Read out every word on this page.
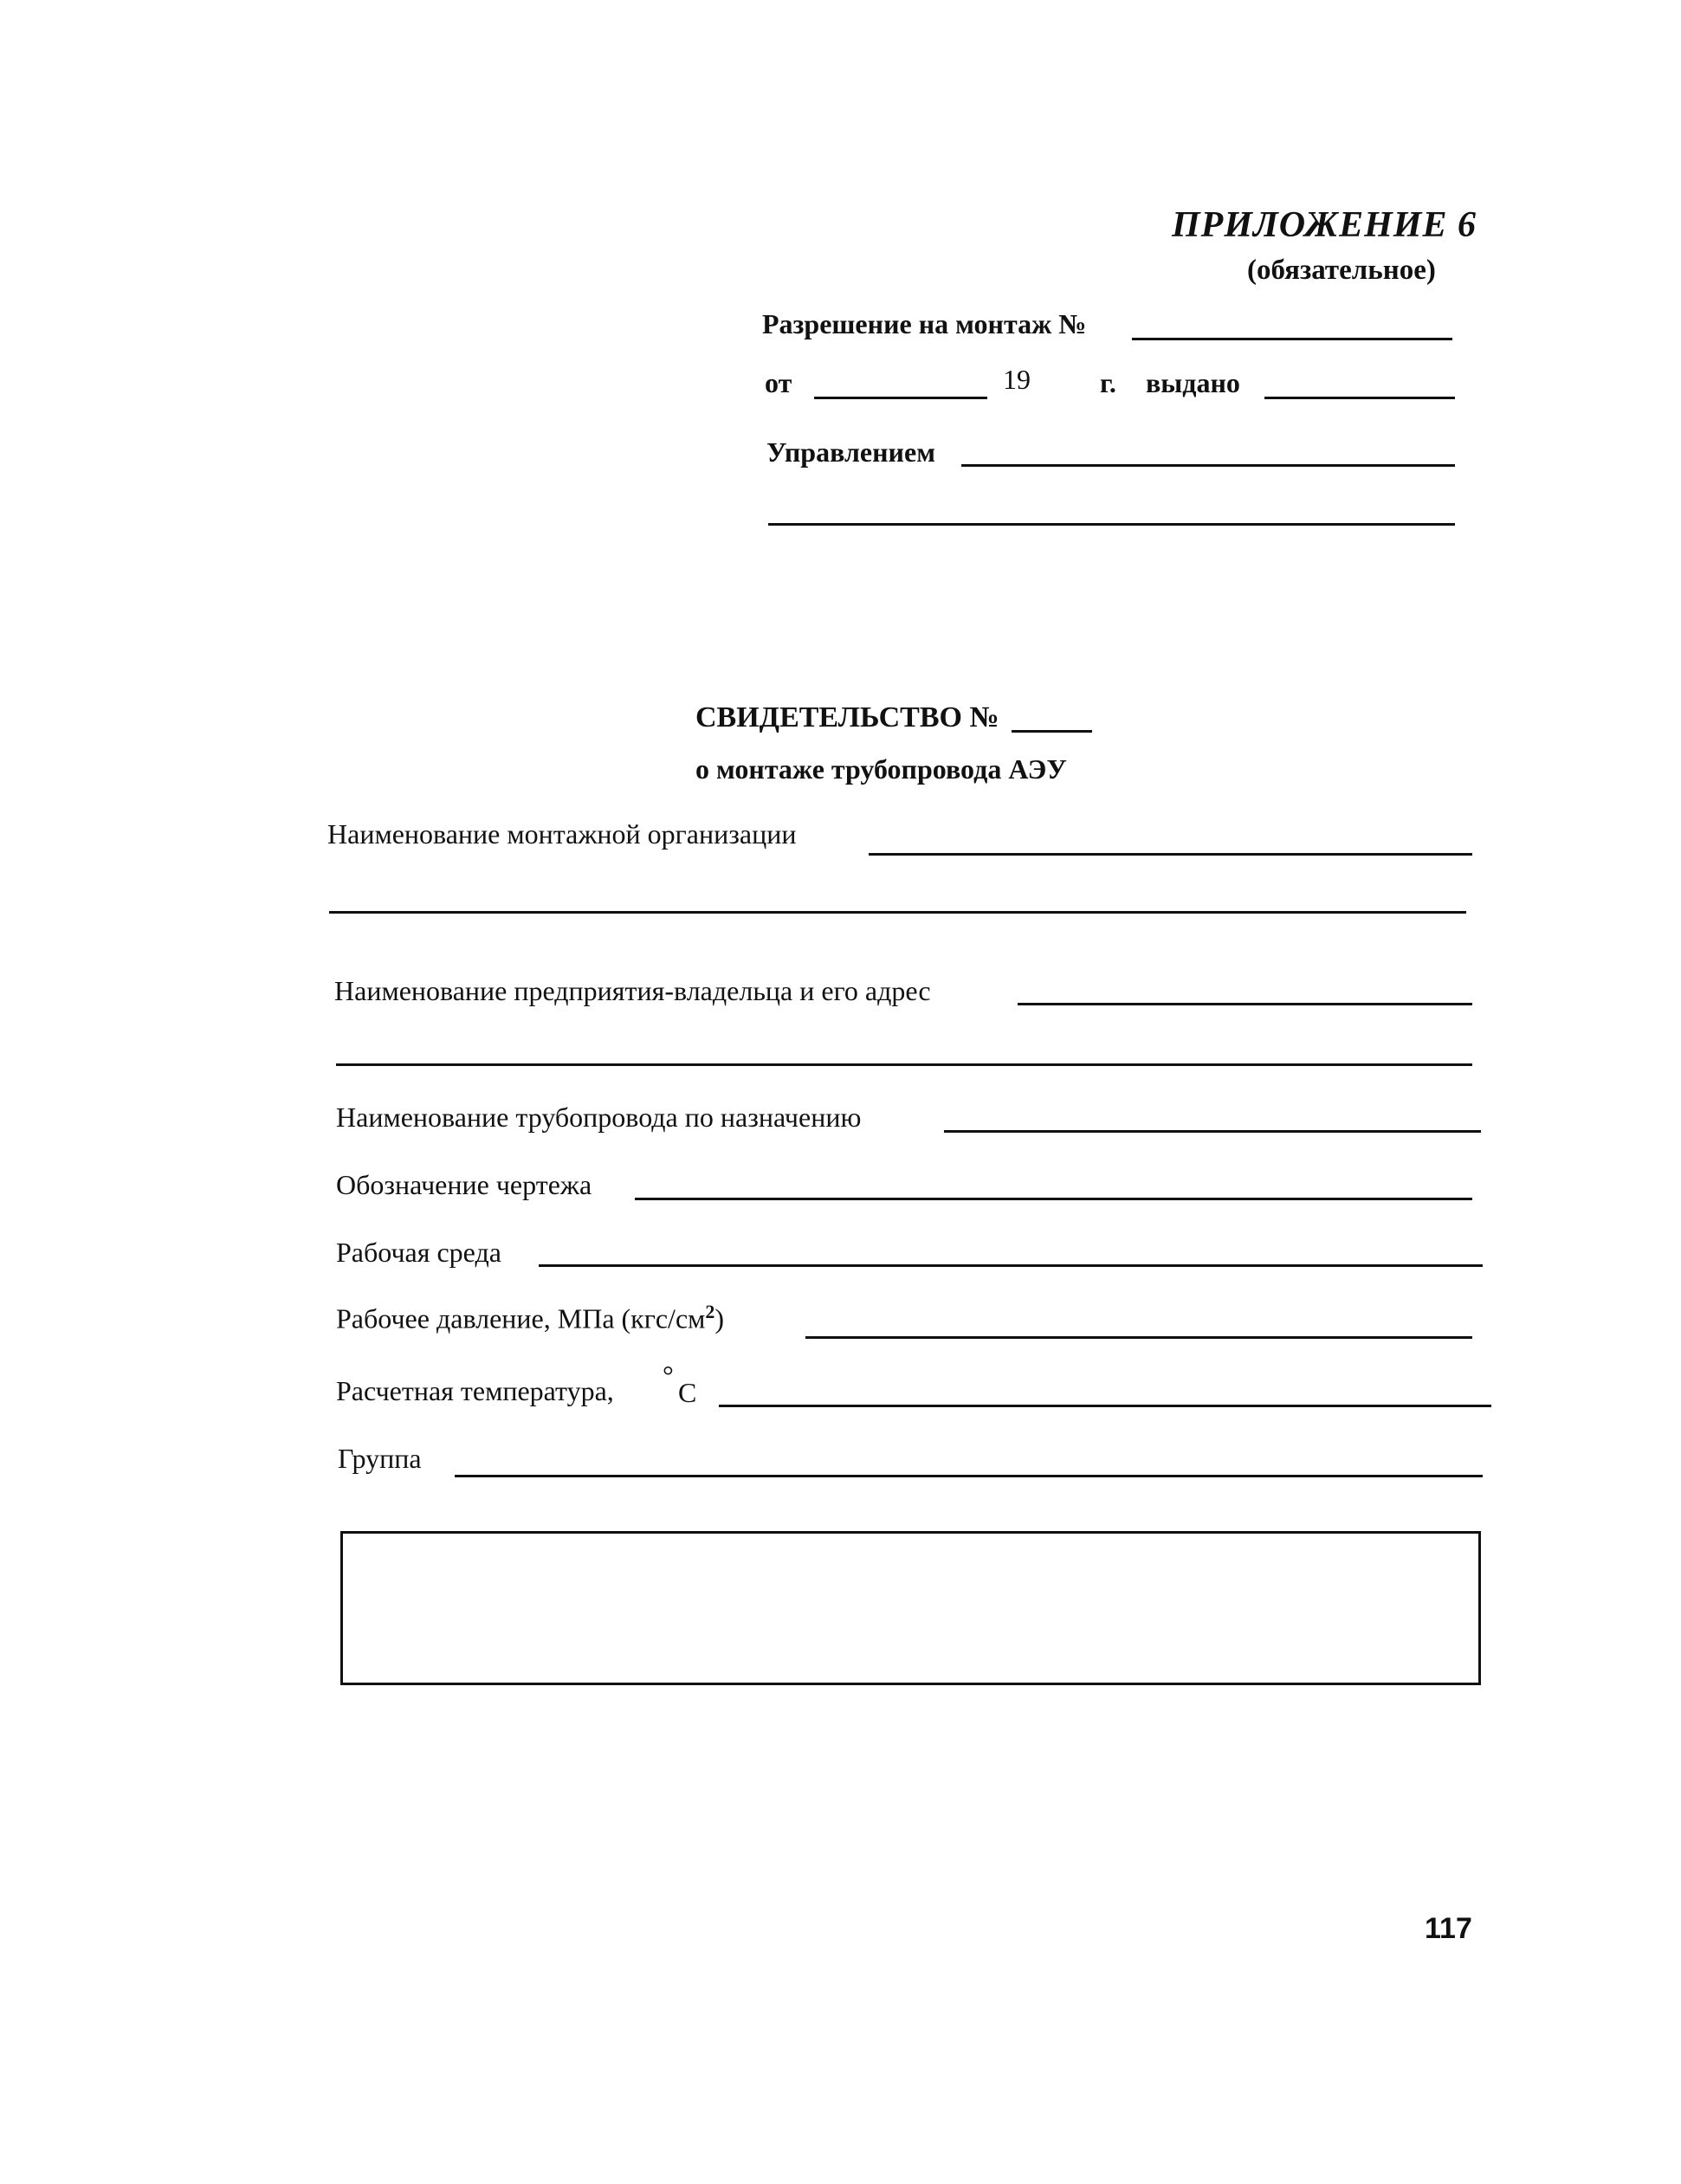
ПРИЛОЖЕНИЕ 6
(обязательное)
Разрешение на монтаж №
от	19	г. выдано
Управлением
СВИДЕТЕЛЬСТВО №
о монтаже трубопровода АЭУ
Наименование монтажной организации
Наименование предприятия-владельца и его адрес
Наименование трубопровода по назначению
Обозначение чертежа
Рабочая среда
Рабочее давление, МПа $(кгс/см^2)$
Расчетная температура, °
C
Группа
117
